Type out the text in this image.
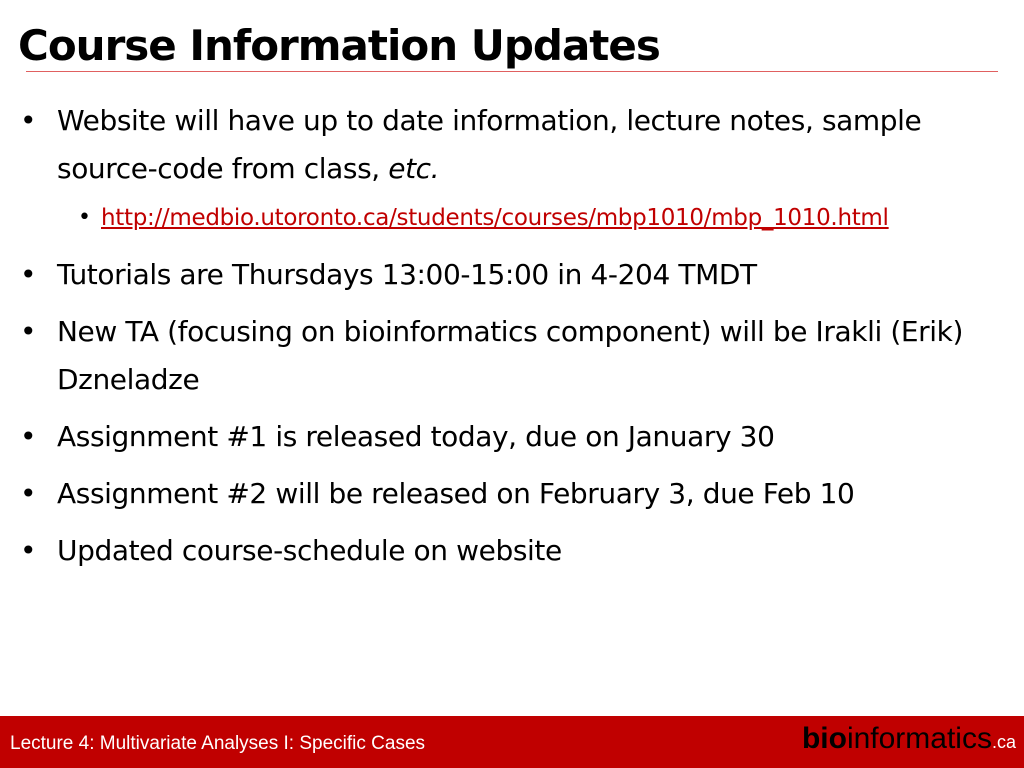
Course Information Updates

• Website will have up to date information, lecture notes, sample source-code from class, etc.

• http://medbio.utoronto.ca/students/courses/mbp1010/mbp_1010.html

• Tutorials are Thursdays 13:00-15:00 in 4-204 TMDT

• New TA (focusing on bioinformatics component) will be Irakli (Erik) Dzneladze

• Assignment #1 is released today, due on January 30

• Assignment #2 will be released on February 3, due Feb 10

• Updated course-schedule on website

Lecture 4: Multivariate Analyses I: Specific Cases	bioinformatics.ca
